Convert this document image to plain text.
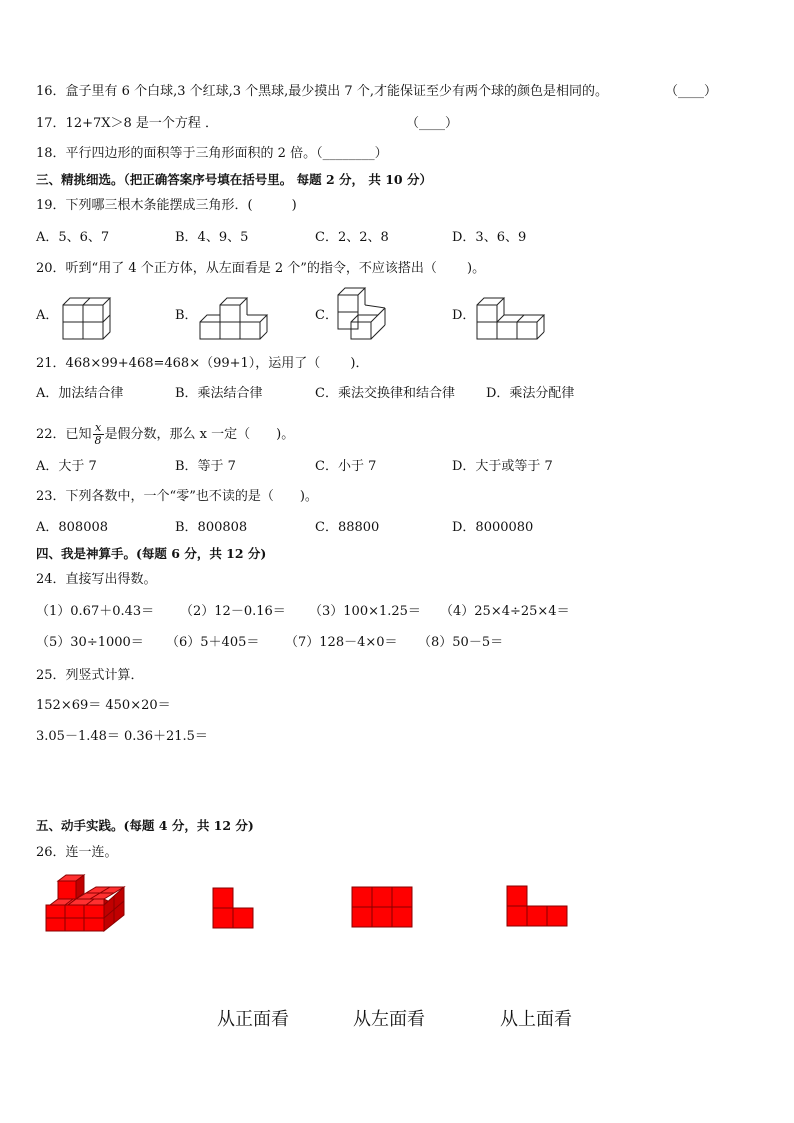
16．盒子里有 6 个白球,3 个红球,3 个黑球,最少摸出 7 个,才能保证至少有两个球的颜色是相同的。	（____）
17．12+7X＞8 是一个方程 ．	（____）
18．平行四边形的面积等于三角形面积的 2 倍。（________）
三、精挑细选。（把正确答案序号填在括号里。 每题 2 分， 共 10 分）
19．下列哪三根木条能摆成三角形．(　　　)
A．5、6、7	B．4、9、5	C．2、2、8	D．3、6、9
20．听到“用了 4 个正方体，从左面看是 2 个”的指令，不应该搭出（　　 )。
A．	B．	C．	D．
21．468×99+468=468×（99+1），运用了（　　 )．
A．加法结合律	B．乘法结合律	C．乘法交换律和结合律 D．乘法分配律
22．已知 $\frac{x}{8}$ 是假分数，那么 x 一定（　　)。
A．大于 7	B．等于 7	C．小于 7	D．大于或等于 7
23．下列各数中，一个“零”也不读的是（　　)。
A．808008	B．800808	C．88800	D．8000080
四、我是神算手。(每题 6 分，共 12 分)
24．直接写出得数。
（1）0.67＋0.43＝ （2）12－0.16＝ （3）100×1.25＝ （4）25×4÷25×4＝
（5）30÷1000＝ （6）5＋405＝ （7）128－4×0＝ （8）50－5＝
25．列竖式计算．
152×69＝ 450×20＝
3.05－1.48＝ 0.36＋21.5＝
五、动手实践。(每题 4 分，共 12 分)
26．连一连。
从正面看	从左面看	从上面看
